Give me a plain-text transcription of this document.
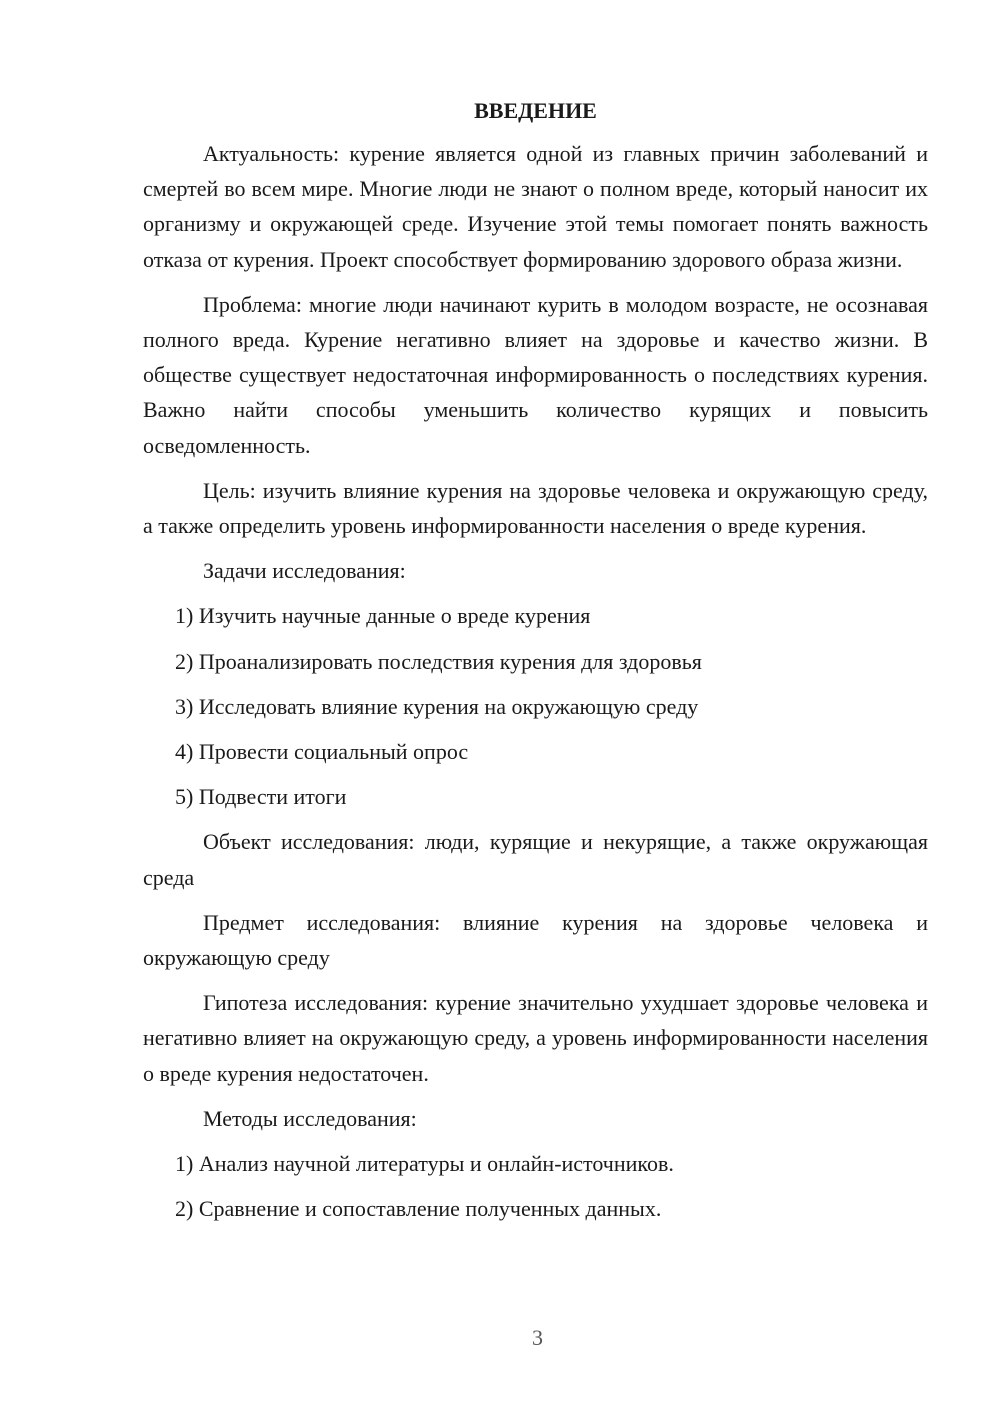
ВВЕДЕНИЕ

Актуальность: курение является одной из главных причин заболеваний и смертей во всем мире. Многие люди не знают о полном вреде, который наносит их организму и окружающей среде. Изучение этой темы помогает понять важность отказа от курения. Проект способствует формированию здорового образа жизни.

Проблема: многие люди начинают курить в молодом возрасте, не осознавая полного вреда. Курение негативно влияет на здоровье и качество жизни. В обществе существует недостаточная информированность о последствиях курения. Важно найти способы уменьшить количество курящих и повысить осведомленность.

Цель: изучить влияние курения на здоровье человека и окружающую среду, а также определить уровень информированности населения о вреде курения.

Задачи исследования:

1) Изучить научные данные о вреде курения
2) Проанализировать последствия курения для здоровья
3) Исследовать влияние курения на окружающую среду
4) Провести социальный опрос
5) Подвести итоги

Объект исследования: люди, курящие и некурящие, а также окружающая среда

Предмет исследования: влияние курения на здоровье человека и окружающую среду

Гипотеза исследования: курение значительно ухудшает здоровье человека и негативно влияет на окружающую среду, а уровень информированности населения о вреде курения недостаточен.

Методы исследования:

1) Анализ научной литературы и онлайн-источников.
2) Сравнение и сопоставление полученных данных.
3
